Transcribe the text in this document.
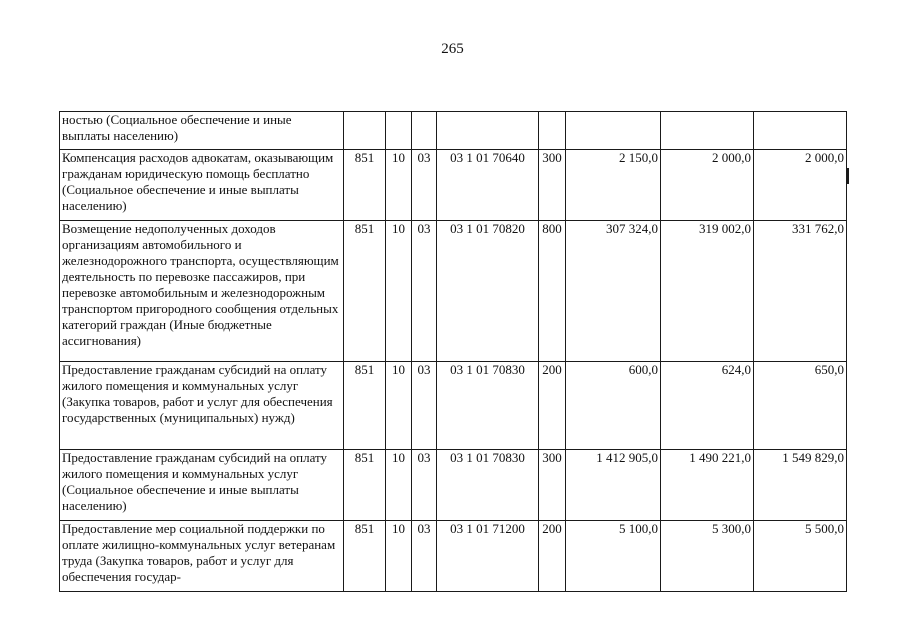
265
ностью (Социальное обеспечение и иные выплаты населению)								
Компенсация расходов адвокатам, оказывающим гражданам юридическую помощь бесплатно (Социальное обеспечение и иные выплаты населению)	851	10	03	03 1 01 70640	300	2 150,0	2 000,0	2 000,0
Возмещение недополученных доходов организациям автомобильного и железнодорожного транспорта, осуществляющим деятельность по перевозке пассажиров, при перевозке автомобильным и железнодорожным транспортом пригородного сообщения отдельных категорий граждан (Иные бюджетные ассигнования)	851	10	03	03 1 01 70820	800	307 324,0	319 002,0	331 762,0
Предоставление гражданам субсидий на оплату жилого помещения и коммунальных услуг (Закупка товаров, работ и услуг для обеспечения государственных (муниципальных) нужд)	851	10	03	03 1 01 70830	200	600,0	624,0	650,0
Предоставление гражданам субсидий на оплату жилого помещения и коммунальных услуг (Социальное обеспечение и иные выплаты населению)	851	10	03	03 1 01 70830	300	1 412 905,0	1 490 221,0	1 549 829,0
Предоставление мер социальной поддержки по оплате жилищно-коммунальных услуг ветеранам труда (Закупка товаров, работ и услуг для обеспечения государ-	851	10	03	03 1 01 71200	200	5 100,0	5 300,0	5 500,0
